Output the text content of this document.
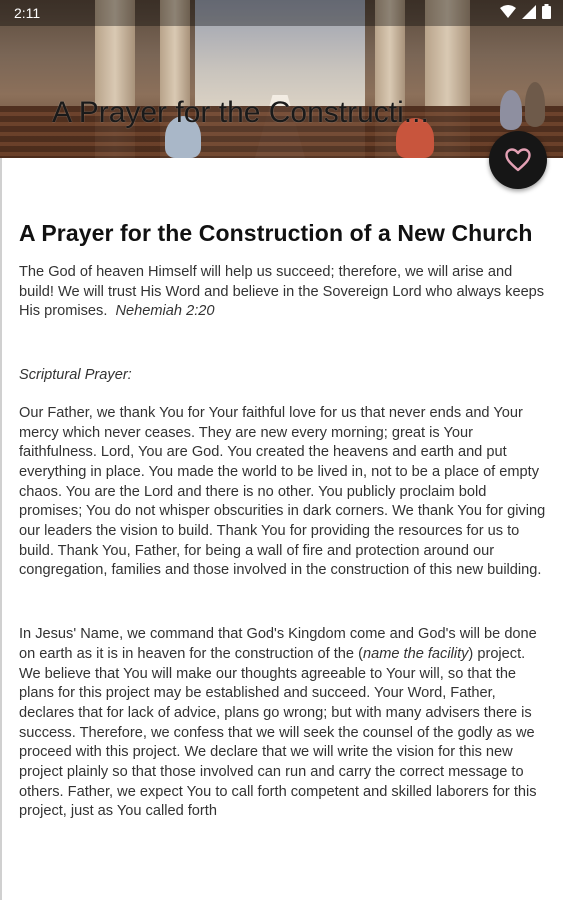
2:11
A Prayer for the Constructi...
A Prayer for the Construction of a New Church

The God of heaven Himself will help us succeed; therefore, we will arise and build! We will trust His Word and believe in the Sovereign Lord who always keeps His promises. Nehemiah 2:20

Scriptural Prayer:

Our Father, we thank You for Your faithful love for us that never ends and Your mercy which never ceases. They are new every morning; great is Your faithfulness. Lord, You are God. You created the heavens and earth and put everything in place. You made the world to be lived in, not to be a place of empty chaos. You are the Lord and there is no other. You publicly proclaim bold promises; You do not whisper obscurities in dark corners. We thank You for giving our leaders the vision to build. Thank You for providing the resources for us to build. Thank You, Father, for being a wall of fire and protection around our congregation, families and those involved in the construction of this new building.

In Jesus' Name, we command that God's Kingdom come and God's will be done on earth as it is in heaven for the construction of the (name the facility) project. We believe that You will make our thoughts agreeable to Your will, so that the plans for this project may be established and succeed. Your Word, Father, declares that for lack of advice, plans go wrong; but with many advisers there is success. Therefore, we confess that we will seek the counsel of the godly as we proceed with this project. We declare that we will write the vision for this new project plainly so that those involved can run and carry the correct message to others. Father, we expect You to call forth competent and skilled laborers for this project, just as You called forth
